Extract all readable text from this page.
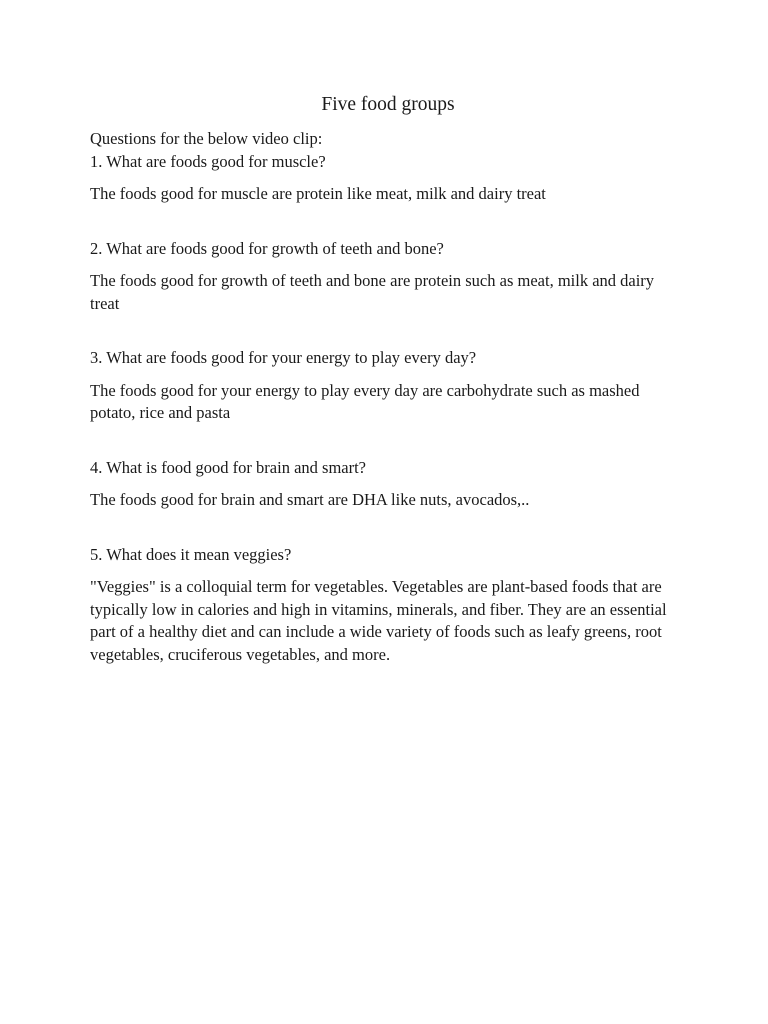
Five food groups

Questions for the below video clip:

1. What are foods good for muscle?

The foods good for muscle are protein like meat, milk and dairy treat

2. What are foods good for growth of teeth and bone?

The foods good for growth of teeth and bone are protein such as meat, milk and dairy treat

3. What are foods good for your energy to play every day?

The foods good for your energy to play every day are carbohydrate such as mashed potato, rice and pasta

4. What is food good for brain and smart?

The foods good for brain and smart are DHA like nuts, avocados,..

5. What does it mean veggies?

"Veggies" is a colloquial term for vegetables. Vegetables are plant-based foods that are typically low in calories and high in vitamins, minerals, and fiber. They are an essential part of a healthy diet and can include a wide variety of foods such as leafy greens, root vegetables, cruciferous vegetables, and more.
